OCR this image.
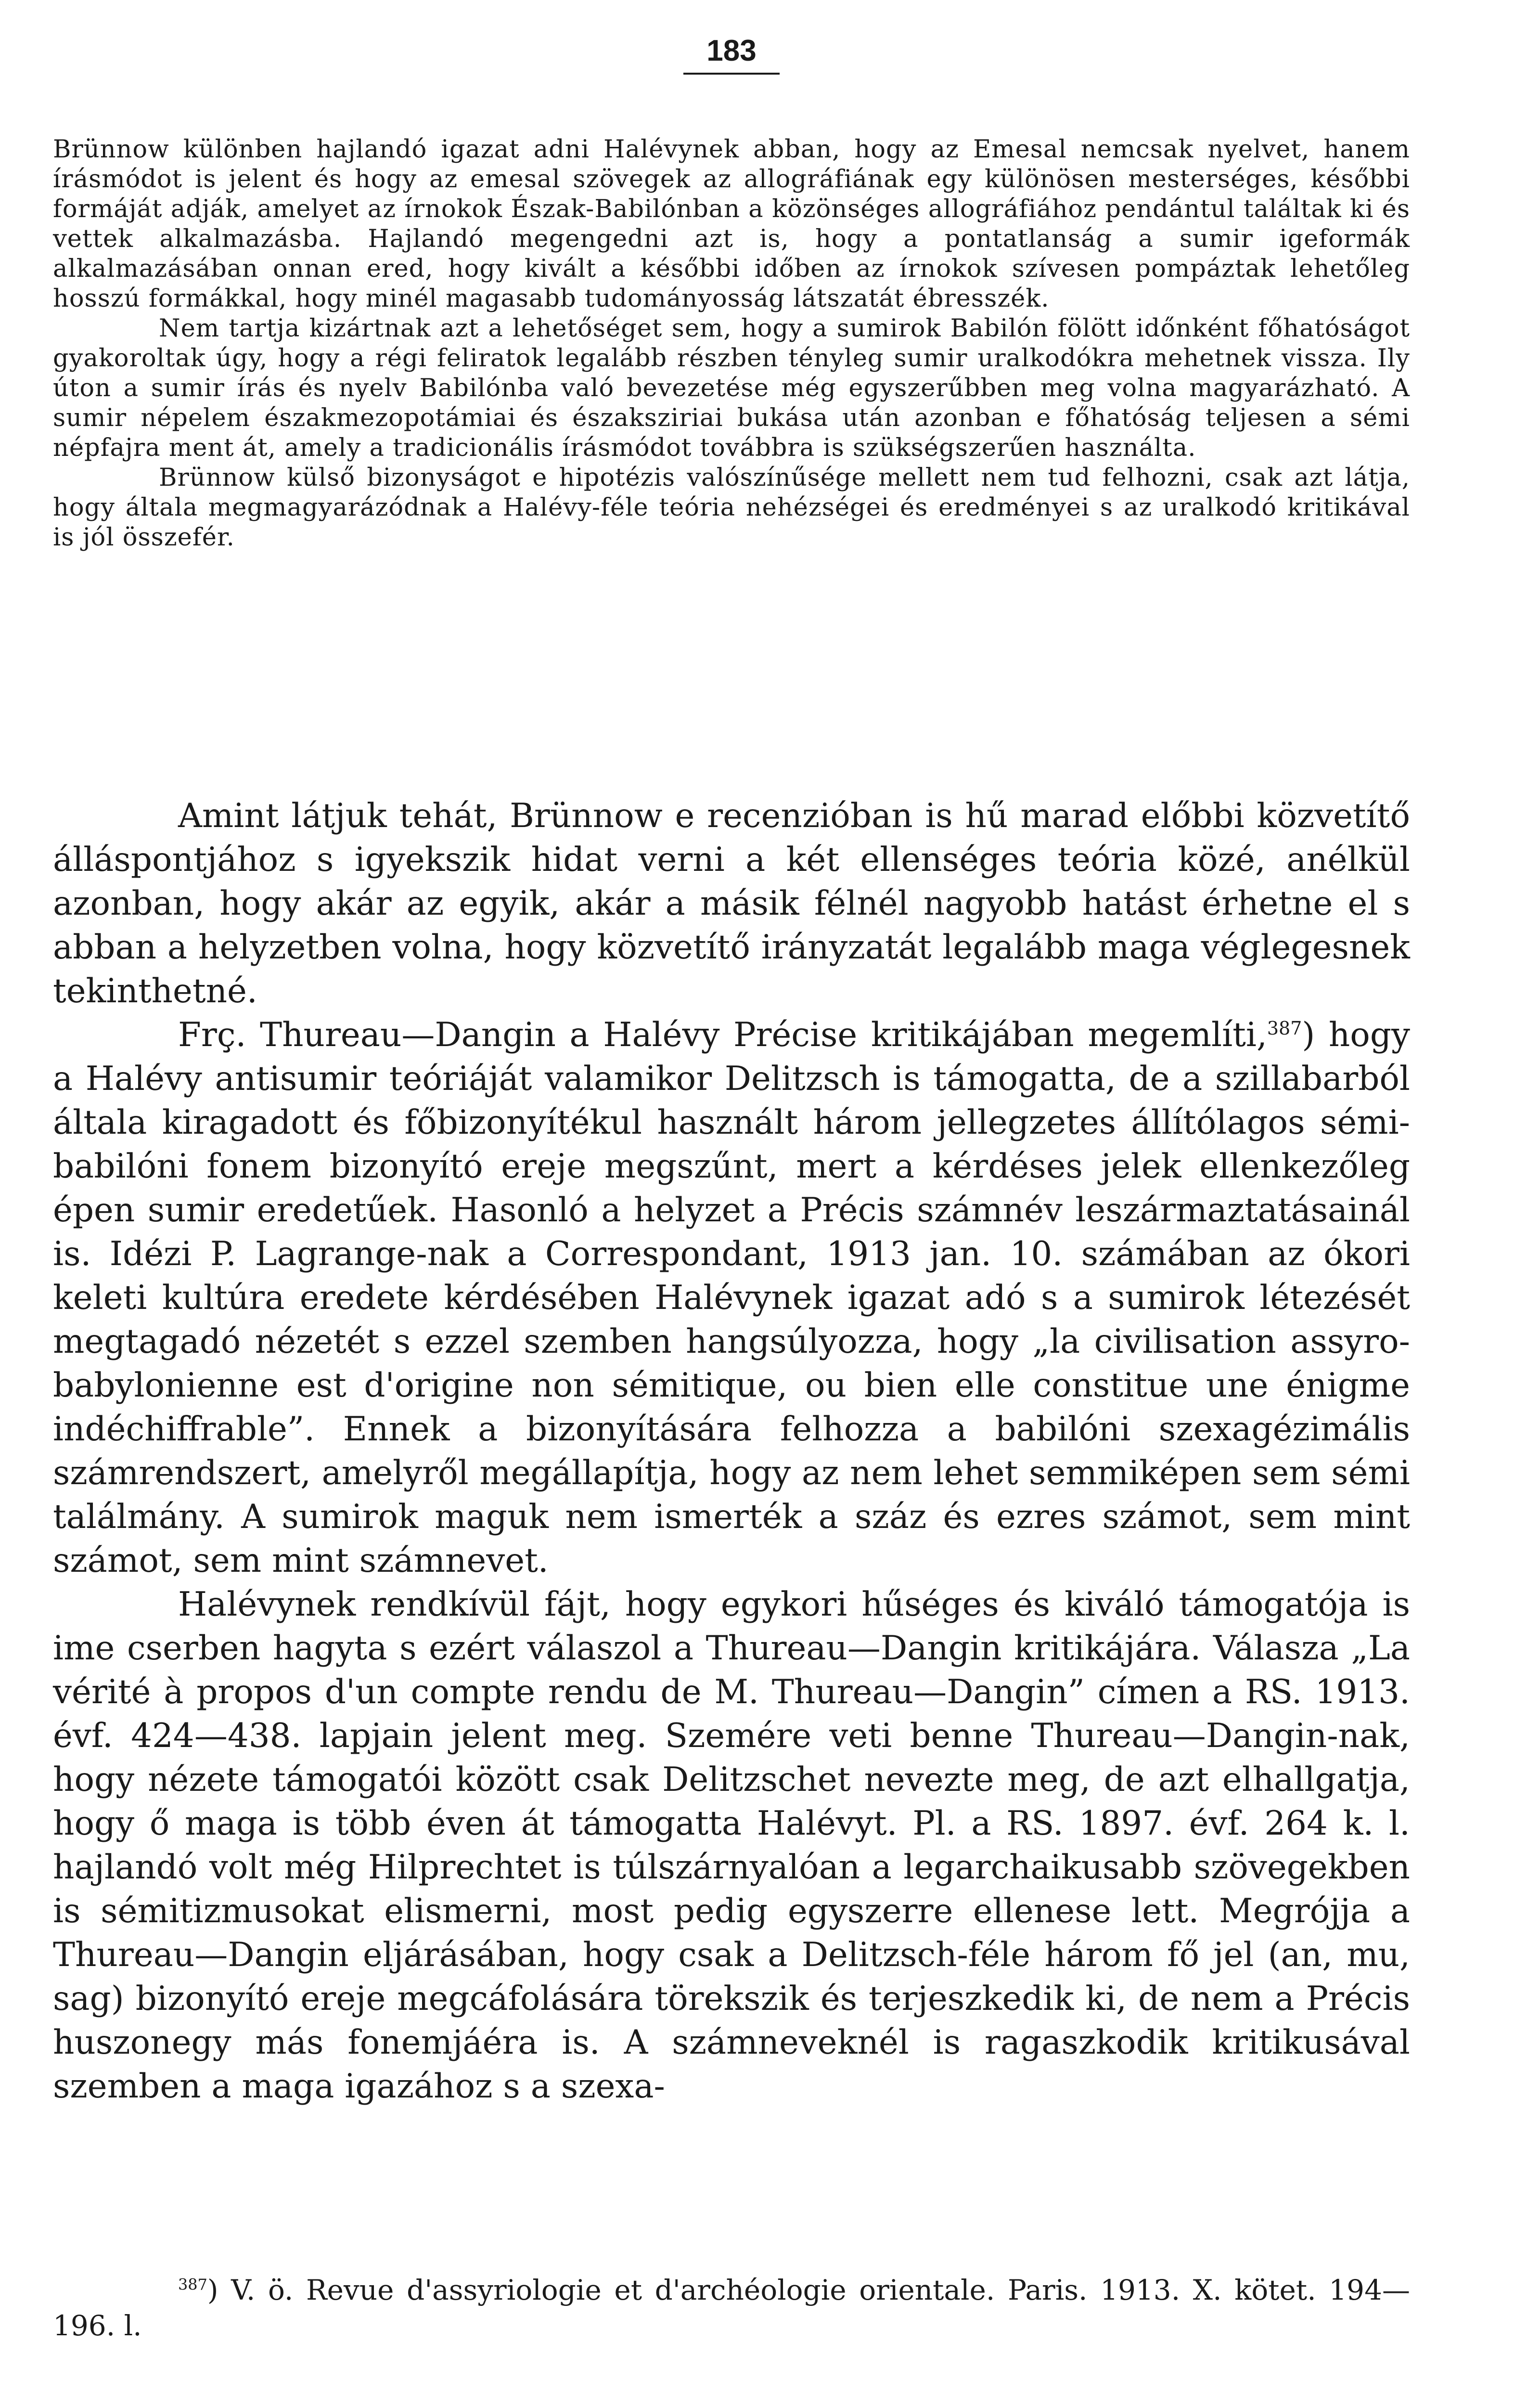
183

Brünnow különben hajlandó igazat adni Halévynek abban, hogy az Emesal nemcsak nyelvet, hanem írásmódot is jelent és hogy az emesal szövegek az allográfiának egy különösen mesterséges, későbbi formáját adják, amelyet az írnokok Észak-Babilónban a közönséges allográfiához pendántul találtak ki és vettek alkalmazásba. Hajlandó megengedni azt is, hogy a pontatlanság a sumir igeformák alkalmazásában onnan ered, hogy kivált a későbbi időben az írnokok szívesen pompáztak lehetőleg hosszú formákkal, hogy minél magasabb tudományosság látszatát ébresszék.

Nem tartja kizártnak azt a lehetőséget sem, hogy a sumirok Babilón fölött időnként főhatóságot gyakoroltak úgy, hogy a régi feliratok legalább részben tényleg sumir uralkodókra mehetnek vissza. Ily úton a sumir írás és nyelv Babilónba való bevezetése még egyszerűbben meg volna magyarázható. A sumir népelem északmezopotámiai és északsziriai bukása után azonban e főhatóság teljesen a sémi népfajra ment át, amely a tradicionális írásmódot továbbra is szükségszerűen használta.

Brünnow külső bizonyságot e hipotézis valószínűsége mellett nem tud felhozni, csak azt látja, hogy általa megmagyarázódnak a Halévy-féle teória nehézségei és eredményei s az uralkodó kritikával is jól összefér.

Amint látjuk tehát, Brünnow e recenzióban is hű marad előbbi közvetítő álláspontjához s igyekszik hidat verni a két ellenséges teória közé, anélkül azonban, hogy akár az egyik, akár a másik félnél nagyobb hatást érhetne el s abban a helyzetben volna, hogy közvetítő irányzatát legalább maga véglegesnek tekinthetné.

Frç. Thureau—Dangin a Halévy Précise kritikájában megemlíti,$^{387}$) hogy a Halévy antisumir teóriáját valamikor Delitzsch is támogatta, de a szillabarból általa kiragadott és főbizonyítékul használt három jellegzetes állítólagos sémi-babilóni fonem bizonyító ereje megszűnt, mert a kérdéses jelek ellenkezőleg épen sumir eredetűek. Hasonló a helyzet a Précis számnév leszármaztatásainál is. Idézi P. Lagrange-nak a Correspondant, 1913 jan. 10. számában az ókori keleti kultúra eredete kérdésében Halévynek igazat adó s a sumirok létezését megtagadó nézetét s ezzel szemben hangsúlyozza, hogy „la civilisation assyro-babylonienne est d'origine non sémitique, ou bien elle constitue une énigme indéchiffrable”. Ennek a bizonyítására felhozza a babilóni szexagézimális számrendszert, amelyről megállapítja, hogy az nem lehet semmiképen sem sémi találmány. A sumirok maguk nem ismerték a száz és ezres számot, sem mint számot, sem mint számnevet.

Halévynek rendkívül fájt, hogy egykori hűséges és kiváló támogatója is ime cserben hagyta s ezért válaszol a Thureau—Dangin kritikájára. Válasza „La vérité à propos d'un compte rendu de M. Thureau—Dangin” címen a RS. 1913. évf. 424—438. lapjain jelent meg. Szemére veti benne Thureau—Dangin-nak, hogy nézete támogatói között csak Delitzschet nevezte meg, de azt elhallgatja, hogy ő maga is több éven át támogatta Halévyt. Pl. a RS. 1897. évf. 264 k. l. hajlandó volt még Hilprechtet is túlszárnyalóan a legarchaikusabb szövegekben is sémitizmusokat elismerni, most pedig egyszerre ellenese lett. Megrójja a Thureau—Dangin eljárásában, hogy csak a Delitzsch-féle három fő jel (an, mu, sag) bizonyító ereje megcáfolására törekszik és terjeszkedik ki, de nem a Précis huszonegy más fonemjáéra is. A számneveknél is ragaszkodik kritikusával szemben a maga igazához s a szexa-

$^{387}$) V. ö. Revue d'assyriologie et d'archéologie orientale. Paris. 1913. X. kötet. 194—196. l.
